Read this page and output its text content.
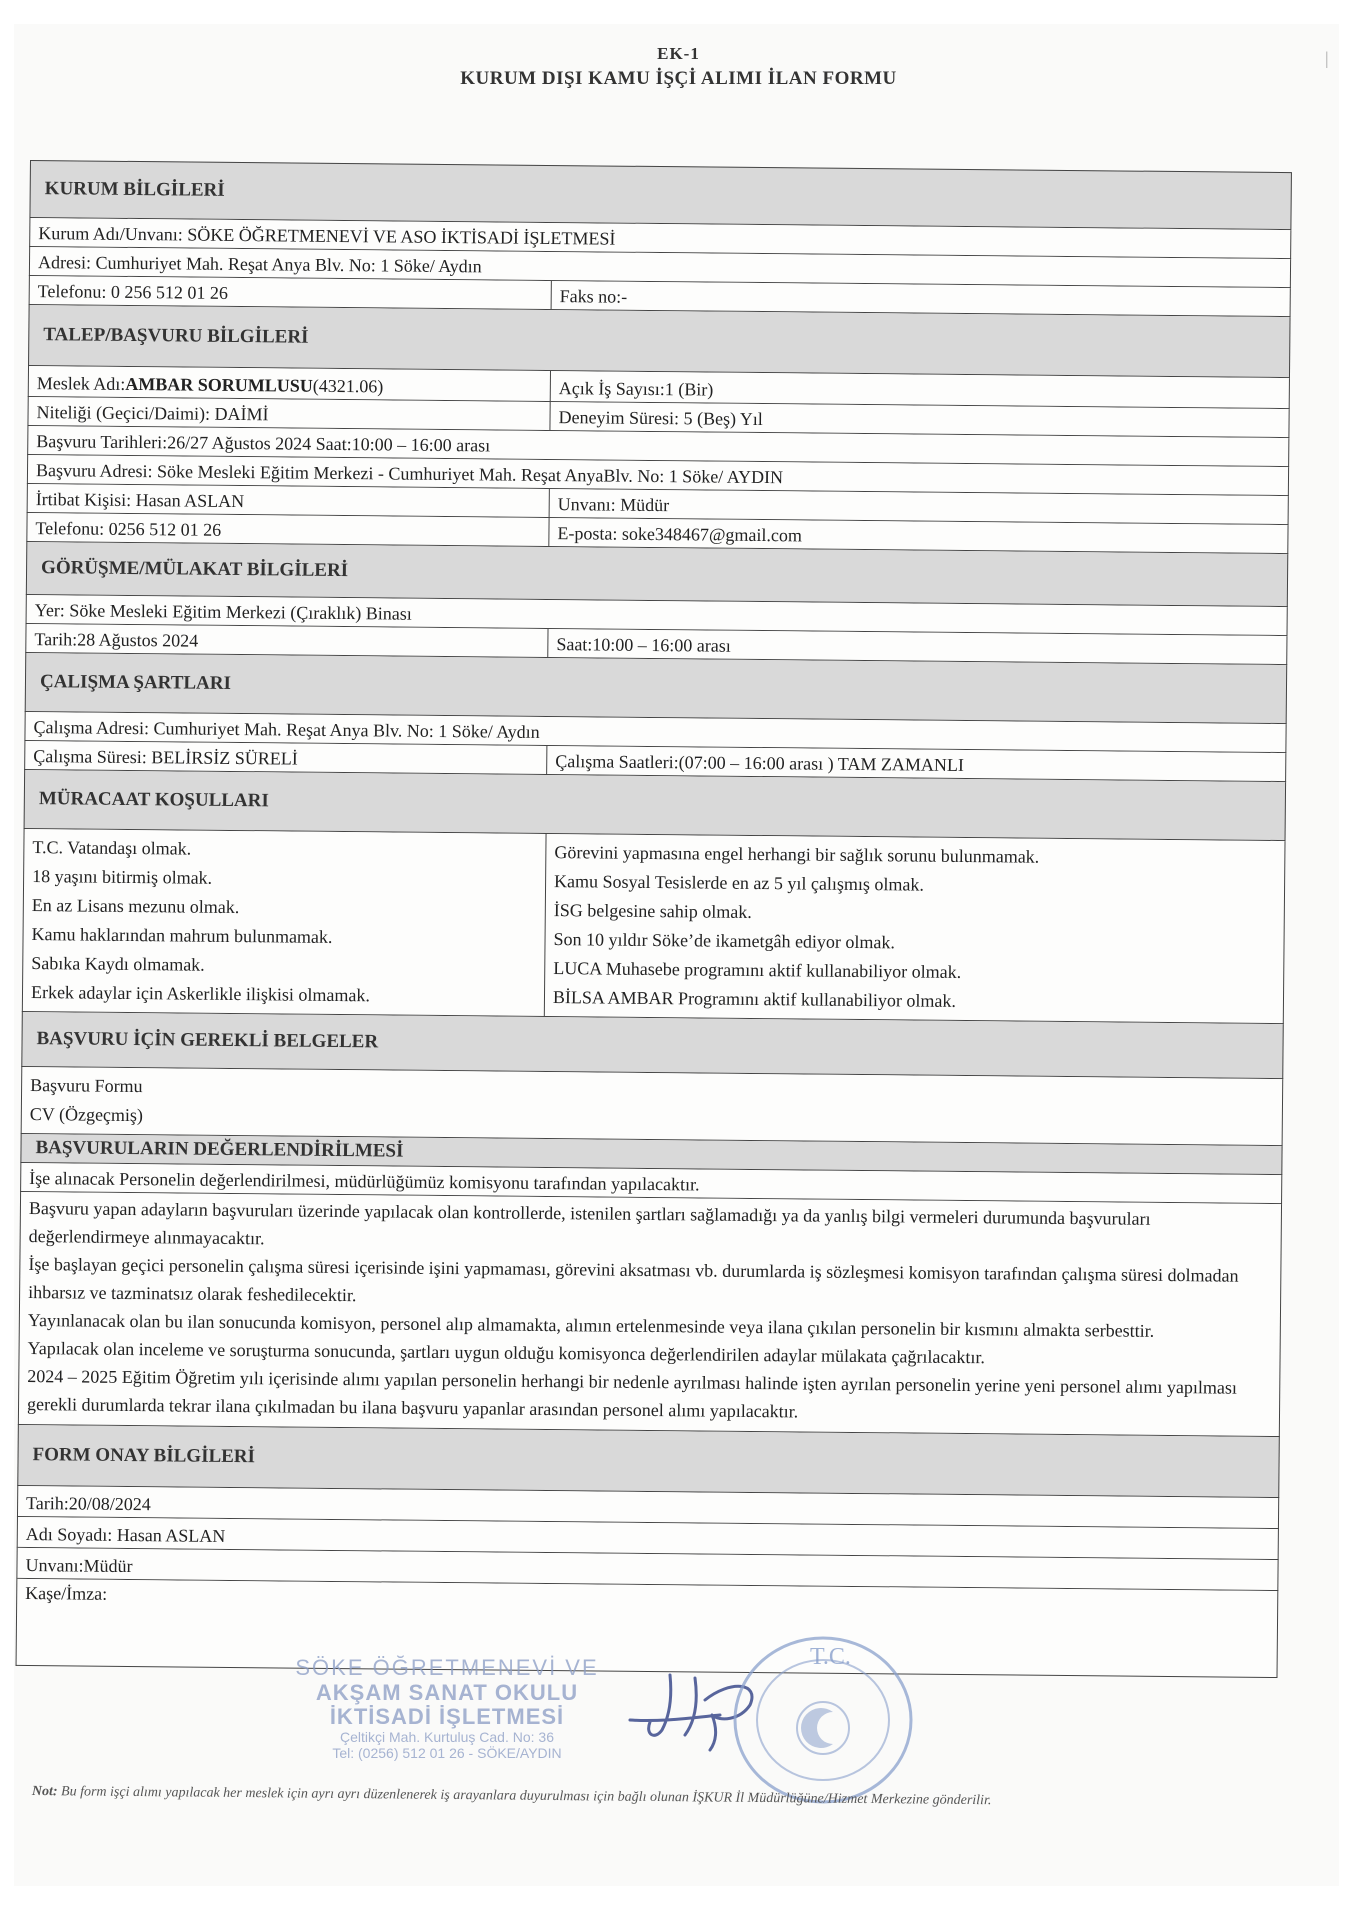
|
EK-1
KURUM DIŞI KAMU İŞÇİ ALIMI İLAN FORMU
KURUM BİLGİLERİ
Kurum Adı/Unvanı: SÖKE ÖĞRETMENEVİ VE ASO İKTİSADİ İŞLETMESİ
Adresi: Cumhuriyet Mah. Reşat Anya Blv. No: 1 Söke/ Aydın
Telefonu: 0 256 512 01 26	Faks no:-
TALEP/BAŞVURU BİLGİLERİ
Meslek Adı: AMBAR SORUMLUSU (4321.06)	Açık İş Sayısı:1 (Bir)
Niteliği (Geçici/Daimi): DAİMİ	Deneyim Süresi: 5 (Beş) Yıl
Başvuru Tarihleri:26/27 Ağustos 2024 Saat:10:00 – 16:00 arası
Başvuru Adresi: Söke Mesleki Eğitim Merkezi - Cumhuriyet Mah. Reşat AnyaBlv. No: 1 Söke/ AYDIN
İrtibat Kişisi: Hasan ASLAN	Unvanı: Müdür
Telefonu: 0256 512 01 26	E-posta: soke348467@gmail.com
GÖRÜŞME/MÜLAKAT BİLGİLERİ
Yer: Söke Mesleki Eğitim Merkezi (Çıraklık) Binası
Tarih:28 Ağustos 2024	Saat:10:00 – 16:00 arası
ÇALIŞMA ŞARTLARI
Çalışma Adresi: Cumhuriyet Mah. Reşat Anya Blv. No: 1 Söke/ Aydın
Çalışma Süresi: BELİRSİZ SÜRELİ	Çalışma Saatleri:(07:00 – 16:00 arası ) TAM ZAMANLI
MÜRACAAT KOŞULLARI
T.C. Vatandaşı olmak.
18 yaşını bitirmiş olmak.
En az Lisans mezunu olmak.
Kamu haklarından mahrum bulunmamak.
Sabıka Kaydı olmamak.
Erkek adaylar için Askerlikle ilişkisi olmamak.
Görevini yapmasına engel herhangi bir sağlık sorunu bulunmamak.
Kamu Sosyal Tesislerde en az 5 yıl çalışmış olmak.
İSG belgesine sahip olmak.
Son 10 yıldır Söke’de ikametgâh ediyor olmak.
LUCA Muhasebe programını aktif kullanabiliyor olmak.
BİLSA AMBAR Programını aktif kullanabiliyor olmak.
BAŞVURU İÇİN GEREKLİ BELGELER
Başvuru Formu
CV (Özgeçmiş)
BAŞVURULARIN DEĞERLENDİRİLMESİ
İşe alınacak Personelin değerlendirilmesi, müdürlüğümüz komisyonu tarafından yapılacaktır.
Başvuru yapan adayların başvuruları üzerinde yapılacak olan kontrollerde, istenilen şartları sağlamadığı ya da yanlış bilgi vermeleri durumunda başvuruları değerlendirmeye alınmayacaktır.
İşe başlayan geçici personelin çalışma süresi içerisinde işini yapmaması, görevini aksatması vb. durumlarda iş sözleşmesi komisyon tarafından çalışma süresi dolmadan ihbarsız ve tazminatsız olarak feshedilecektir.
Yayınlanacak olan bu ilan sonucunda komisyon, personel alıp almamakta, alımın ertelenmesinde veya ilana çıkılan personelin bir kısmını almakta serbesttir.
Yapılacak olan inceleme ve soruşturma sonucunda, şartları uygun olduğu komisyonca değerlendirilen adaylar mülakata çağrılacaktır.
2024 – 2025 Eğitim Öğretim yılı içerisinde alımı yapılan personelin herhangi bir nedenle ayrılması halinde işten ayrılan personelin yerine yeni personel alımı yapılması gerekli durumlarda tekrar ilana çıkılmadan bu ilana başvuru yapanlar arasından personel alımı yapılacaktır.
FORM ONAY BİLGİLERİ
Tarih:20/08/2024
Adı Soyadı: Hasan ASLAN
Unvanı:Müdür
Kaşe/İmza:
SÖKE ÖĞRETMENEVİ VE
AKŞAM SANAT OKULU
İKTİSADİ İŞLETMESİ
Çeltikçi Mah. Kurtuluş Cad. No: 36
Tel: (0256) 512 01 26 - SÖKE/AYDIN
T.C.
Not: Bu form işçi alımı yapılacak her meslek için ayrı ayrı düzenlenerek iş arayanlara duyurulması için bağlı olunan İŞKUR İl Müdürlüğüne/Hizmet Merkezine gönderilir.
